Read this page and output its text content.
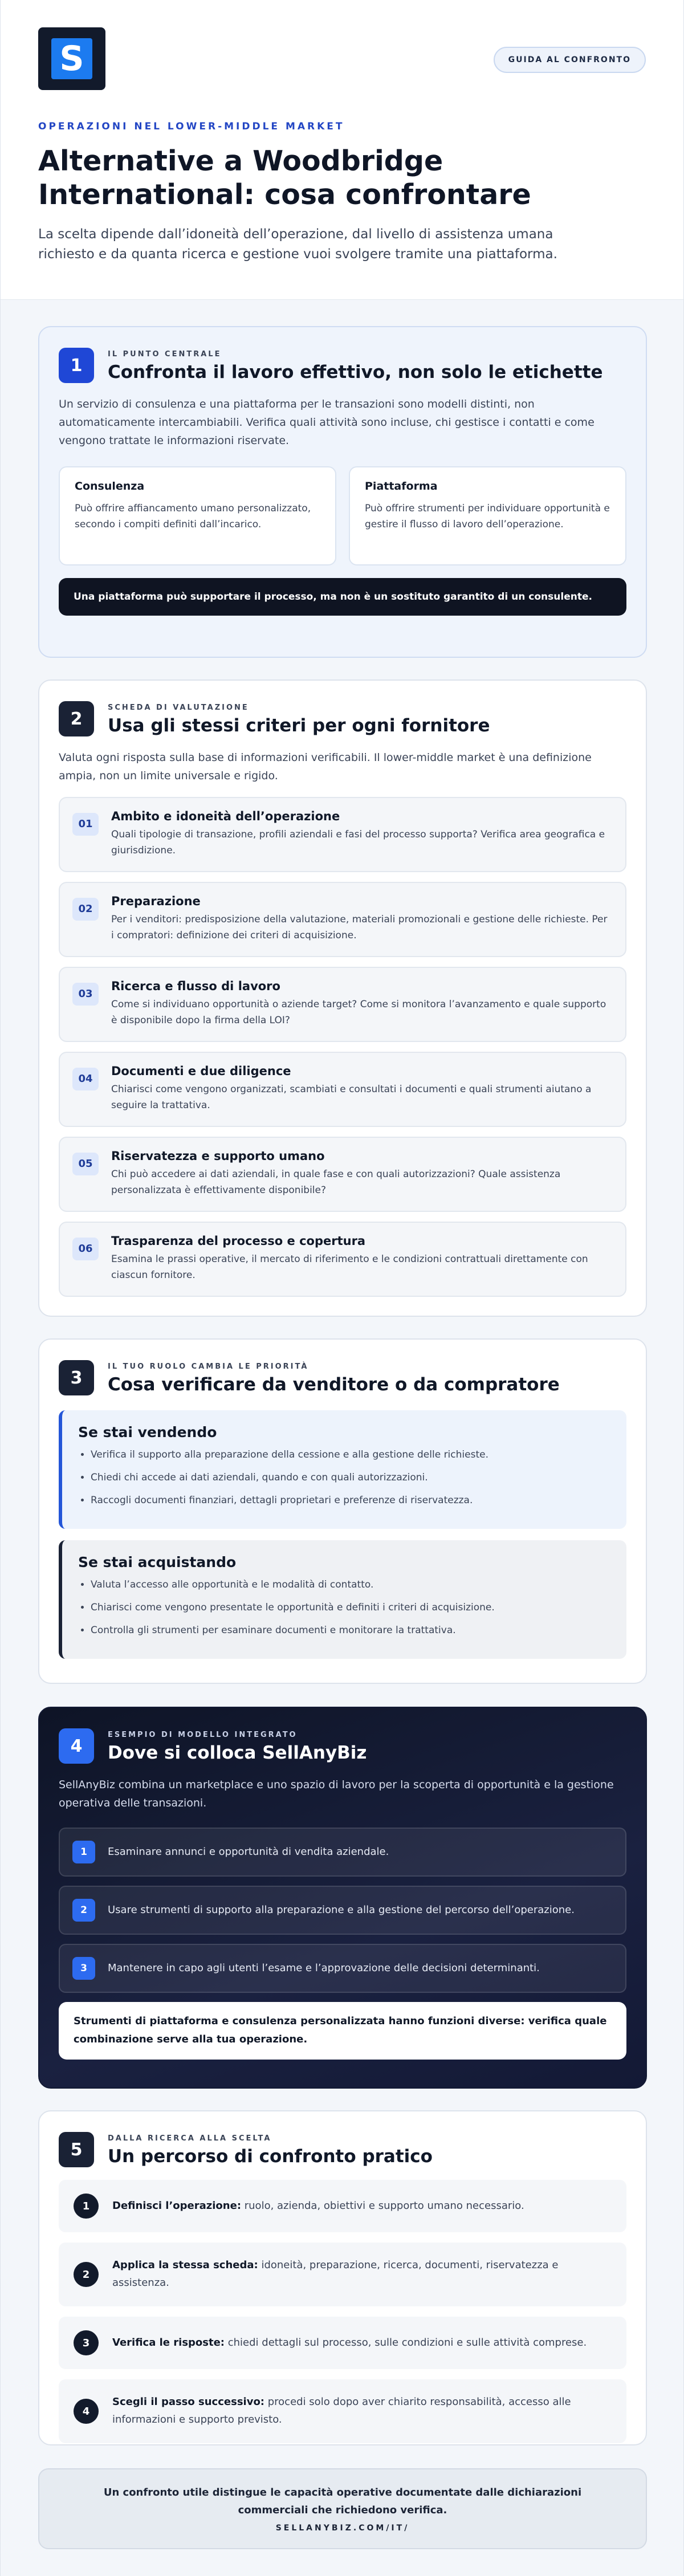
S	GUIDA AL CONFRONTO
OPERAZIONI NEL LOWER-MIDDLE MARKET
Alternative a Woodbridge International: cosa confrontare

La scelta dipende dall’idoneità dell’operazione, dal livello di assistenza umana richiesto e da quanta ricerca e gestione vuoi svolgere tramite una piattaforma.

1
IL PUNTO CENTRALE
Confronta il lavoro effettivo, non solo le etichette

Un servizio di consulenza e una piattaforma per le transazioni sono modelli distinti, non automaticamente intercambiabili. Verifica quali attività sono incluse, chi gestisce i contatti e come vengono trattate le informazioni riservate.

Consulenza

Può offrire affiancamento umano personalizzato, secondo i compiti definiti dall’incarico.

Piattaforma

Può offrire strumenti per individuare opportunità e gestire il flusso di lavoro dell’operazione.

Una piattaforma può supportare il processo, ma non è un sostituto garantito di un consulente.
2
SCHEDA DI VALUTAZIONE
Usa gli stessi criteri per ogni fornitore

Valuta ogni risposta sulla base di informazioni verificabili. Il lower-middle market è una definizione ampia, non un limite universale e rigido.

01
Ambito e idoneità dell’operazione

Quali tipologie di transazione, profili aziendali e fasi del processo supporta? Verifica area geografica e giurisdizione.

02
Preparazione

Per i venditori: predisposizione della valutazione, materiali promozionali e gestione delle richieste. Per i compratori: definizione dei criteri di acquisizione.

03
Ricerca e flusso di lavoro

Come si individuano opportunità o aziende target? Come si monitora l’avanzamento e quale supporto è disponibile dopo la firma della LOI?

04
Documenti e due diligence

Chiarisci come vengono organizzati, scambiati e consultati i documenti e quali strumenti aiutano a seguire la trattativa.

05
Riservatezza e supporto umano

Chi può accedere ai dati aziendali, in quale fase e con quali autorizzazioni? Quale assistenza personalizzata è effettivamente disponibile?

06
Trasparenza del processo e copertura

Esamina le prassi operative, il mercato di riferimento e le condizioni contrattuali direttamente con ciascun fornitore.

3
IL TUO RUOLO CAMBIA LE PRIORITÀ
Cosa verificare da venditore o da compratore
Se stai vendendo
• Verifica il supporto alla preparazione della cessione e alla gestione delle richieste.
• Chiedi chi accede ai dati aziendali, quando e con quali autorizzazioni.
• Raccogli documenti finanziari, dettagli proprietari e preferenze di riservatezza.
Se stai acquistando
• Valuta l’accesso alle opportunità e le modalità di contatto.
• Chiarisci come vengono presentate le opportunità e definiti i criteri di acquisizione.
• Controlla gli strumenti per esaminare documenti e monitorare la trattativa.
4
ESEMPIO DI MODELLO INTEGRATO
Dove si colloca SellAnyBiz

SellAnyBiz combina un marketplace e uno spazio di lavoro per la scoperta di opportunità e la gestione operativa delle transazioni.

1	Esaminare annunci e opportunità di vendita aziendale.
2	Usare strumenti di supporto alla preparazione e alla gestione del percorso dell’operazione.
3	Mantenere in capo agli utenti l’esame e l’approvazione delle decisioni determinanti.
Strumenti di piattaforma e consulenza personalizzata hanno funzioni diverse: verifica quale combinazione serve alla tua operazione.
5
DALLA RICERCA ALLA SCELTA
Un percorso di confronto pratico
1	Definisci l’operazione: ruolo, azienda, obiettivi e supporto umano necessario.
2
Applica la stessa scheda: idoneità, preparazione, ricerca, documenti, riservatezza e assistenza.
3	Verifica le risposte: chiedi dettagli sul processo, sulle condizioni e sulle attività comprese.
4
Scegli il passo successivo: procedi solo dopo aver chiarito responsabilità, accesso alle informazioni e supporto previsto.
Un confronto utile distingue le capacità operative documentate dalle dichiarazioni commerciali che richiedono verifica.
SELLANYBIZ.COM/IT/
